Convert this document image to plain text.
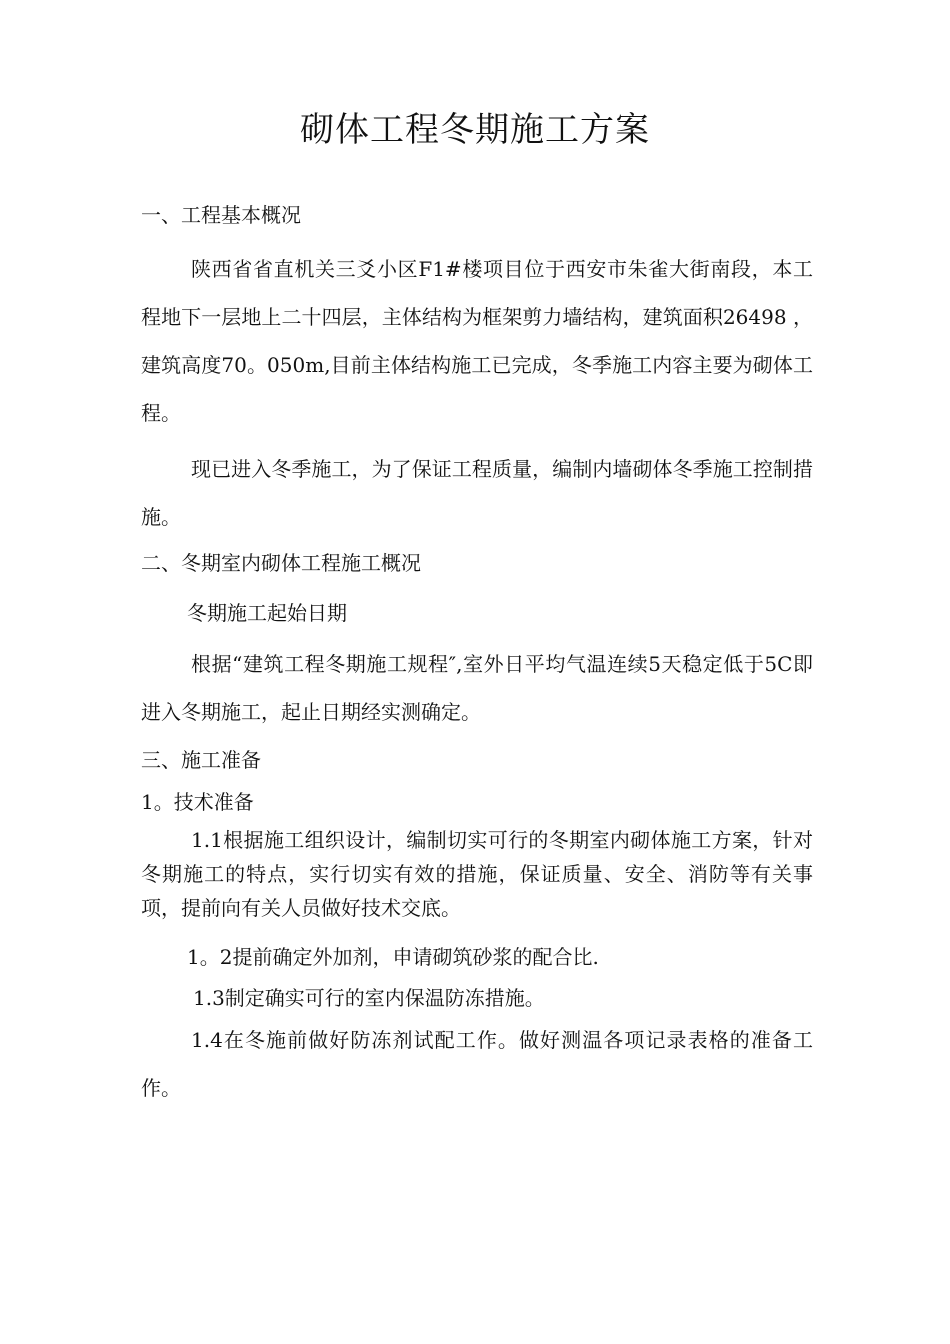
砌体工程冬期施工方案
一、工程基本概况

陕西省省直机关三爻小区F1#楼项目位于西安市朱雀大街南段，本工程地下一层地上二十四层，主体结构为框架剪力墙结构，建筑面积26498 ，建筑高度70。050m,目前主体结构施工已完成，冬季施工内容主要为砌体工程。

现已进入冬季施工，为了保证工程质量，编制内墙砌体冬季施工控制措施。

二、冬期室内砌体工程施工概况
冬期施工起始日期

根据“建筑工程冬期施工规程″,室外日平均气温连续5天稳定低于5C即进入冬期施工，起止日期经实测确定。

三、施工准备
1。技术准备

1.1根据施工组织设计，编制切实可行的冬期室内砌体施工方案，针对冬期施工的特点，实行切实有效的措施，保证质量、安全、消防等有关事项，提前向有关人员做好技术交底。

1。2提前确定外加剂，申请砌筑砂浆的配合比.
1.3制定确实可行的室内保温防冻措施。

1.4在冬施前做好防冻剂试配工作。做好测温各项记录表格的准备工作。
